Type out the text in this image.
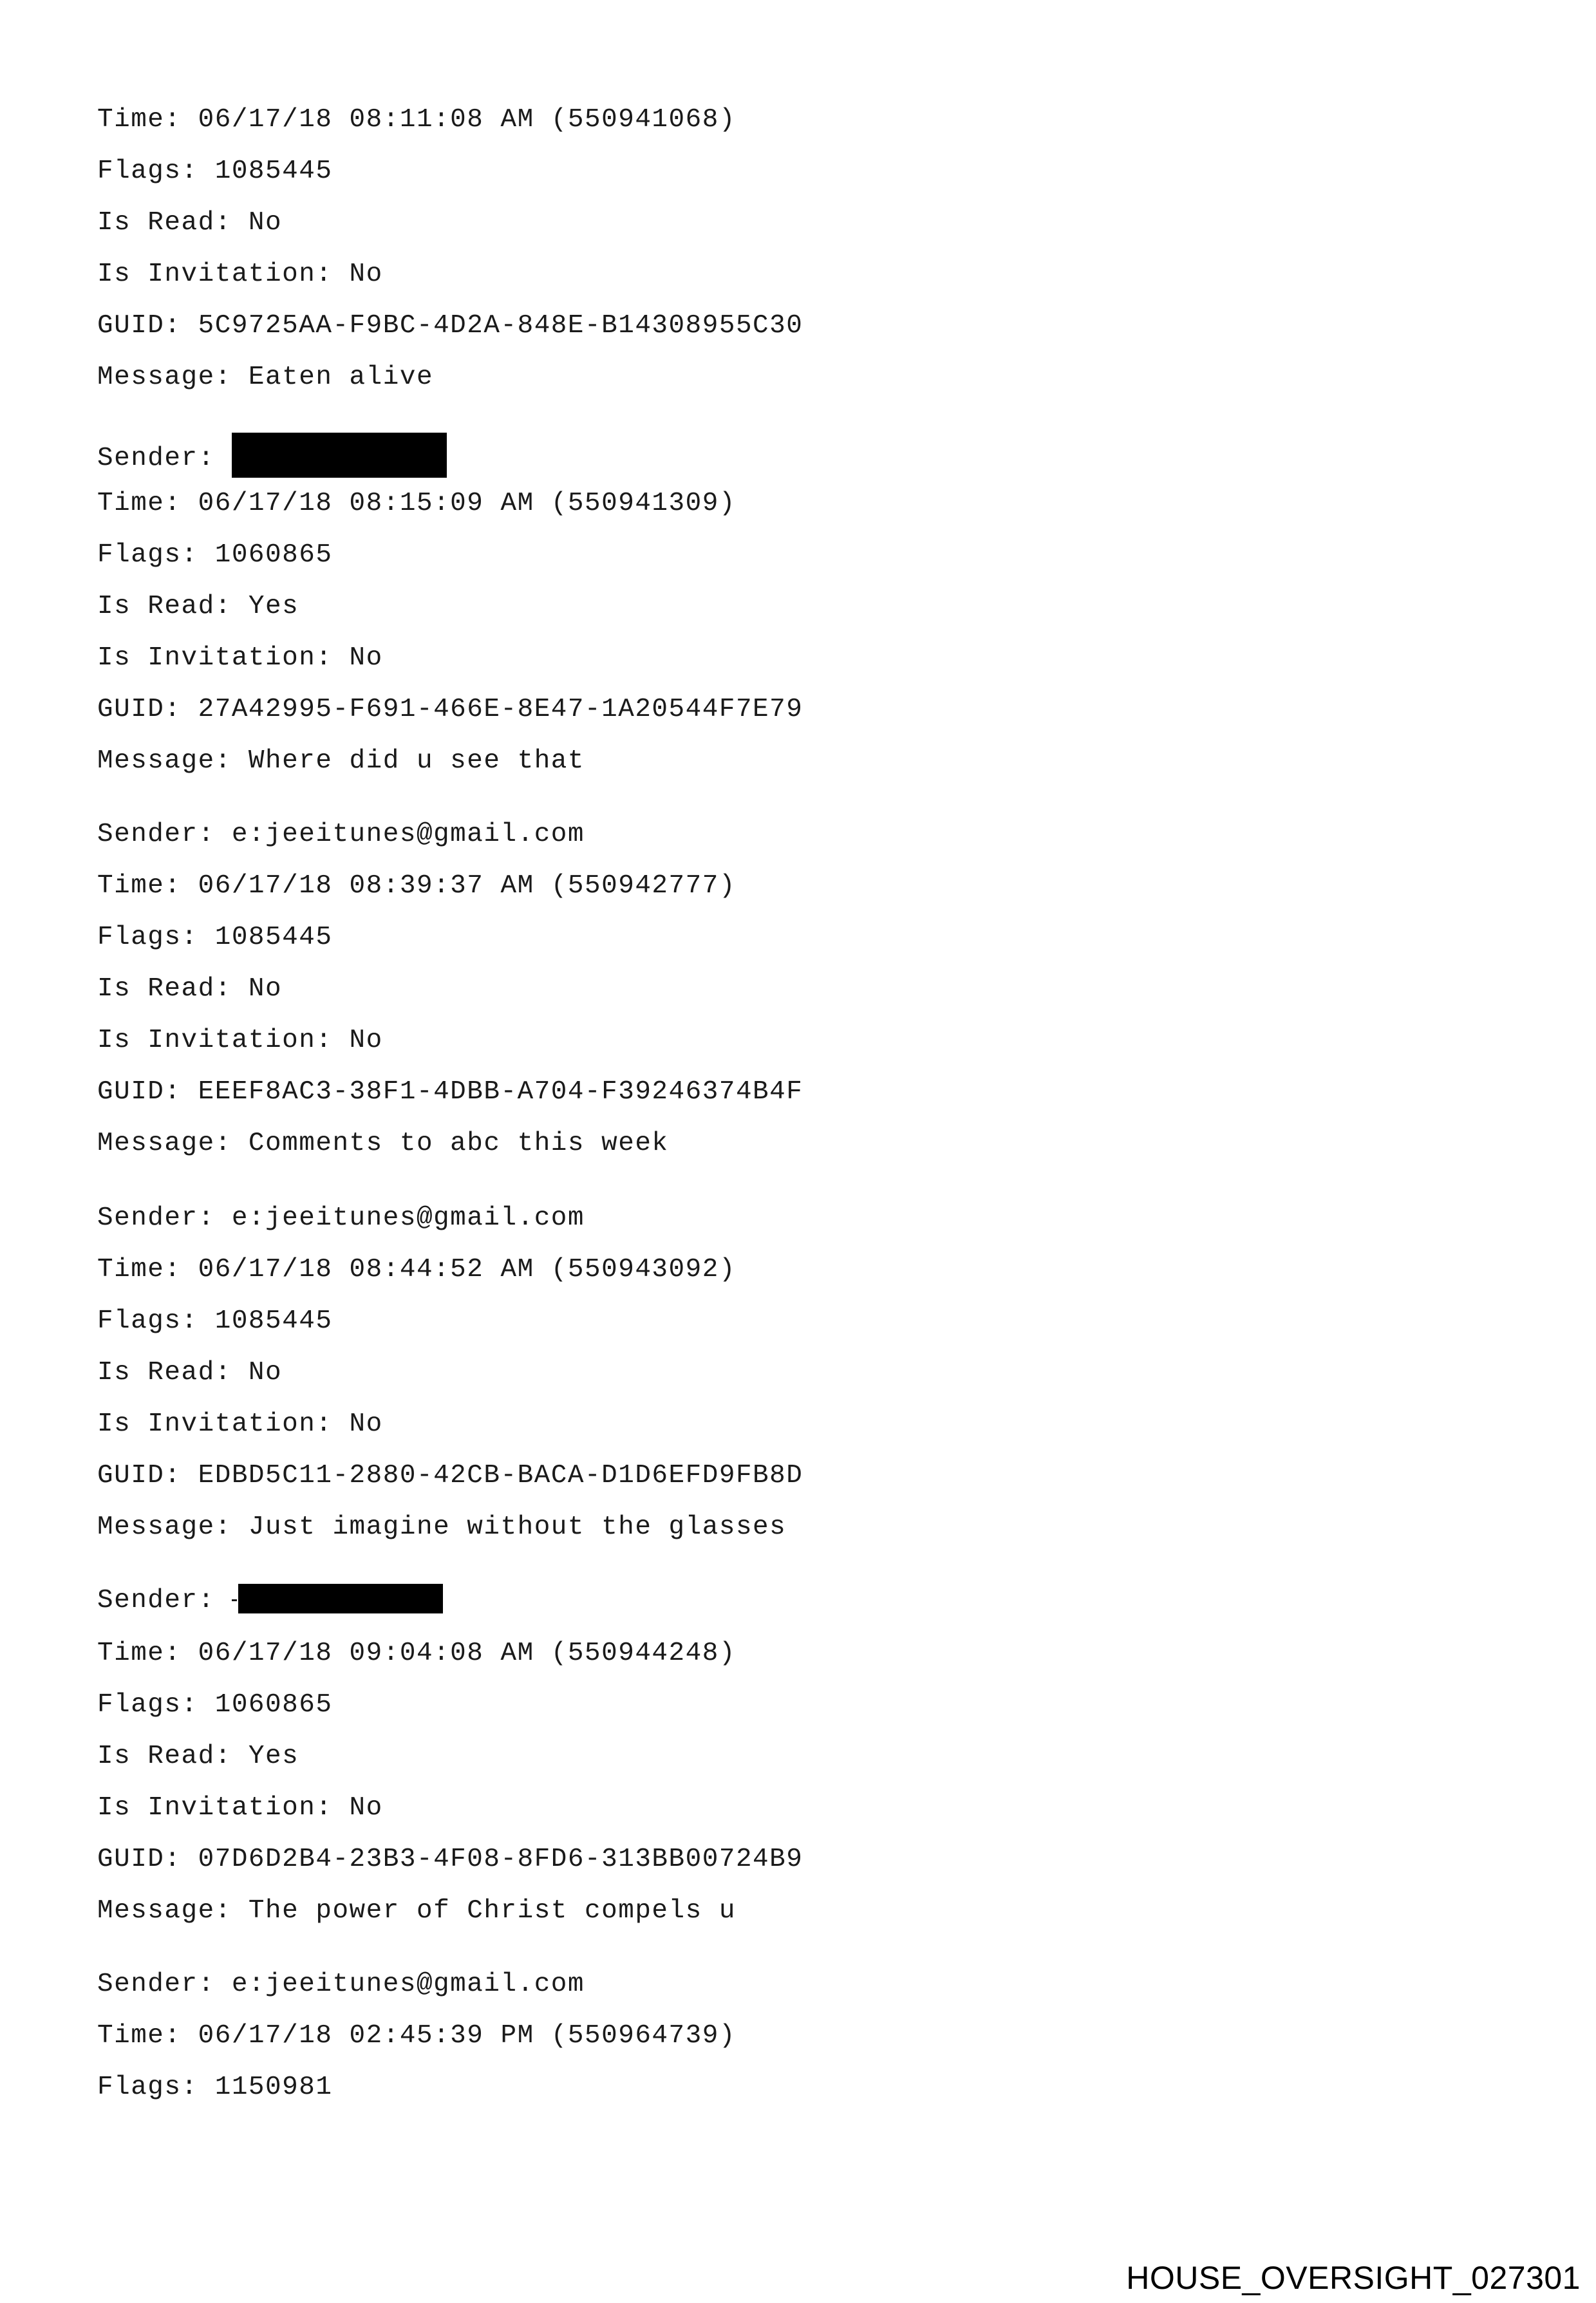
Time: 06/17/18 08:11:08 AM (550941068)
Flags: 1085445
Is Read: No
Is Invitation: No
GUID: 5C9725AA-F9BC-4D2A-848E-B14308955C30
Message: Eaten alive
Sender:
Time: 06/17/18 08:15:09 AM (550941309)
Flags: 1060865
Is Read: Yes
Is Invitation: No
GUID: 27A42995-F691-466E-8E47-1A20544F7E79
Message: Where did u see that
Sender: e:jeeitunes@gmail.com
Time: 06/17/18 08:39:37 AM (550942777)
Flags: 1085445
Is Read: No
Is Invitation: No
GUID: EEEF8AC3-38F1-4DBB-A704-F39246374B4F
Message: Comments to abc this week
Sender: e:jeeitunes@gmail.com
Time: 06/17/18 08:44:52 AM (550943092)
Flags: 1085445
Is Read: No
Is Invitation: No
GUID: EDBD5C11-2880-42CB-BACA-D1D6EFD9FB8D
Message: Just imagine without the glasses
Sender:
Time: 06/17/18 09:04:08 AM (550944248)
Flags: 1060865
Is Read: Yes
Is Invitation: No
GUID: 07D6D2B4-23B3-4F08-8FD6-313BB00724B9
Message: The power of Christ compels u
Sender: e:jeeitunes@gmail.com
Time: 06/17/18 02:45:39 PM (550964739)
Flags: 1150981
HOUSE_OVERSIGHT_027301
